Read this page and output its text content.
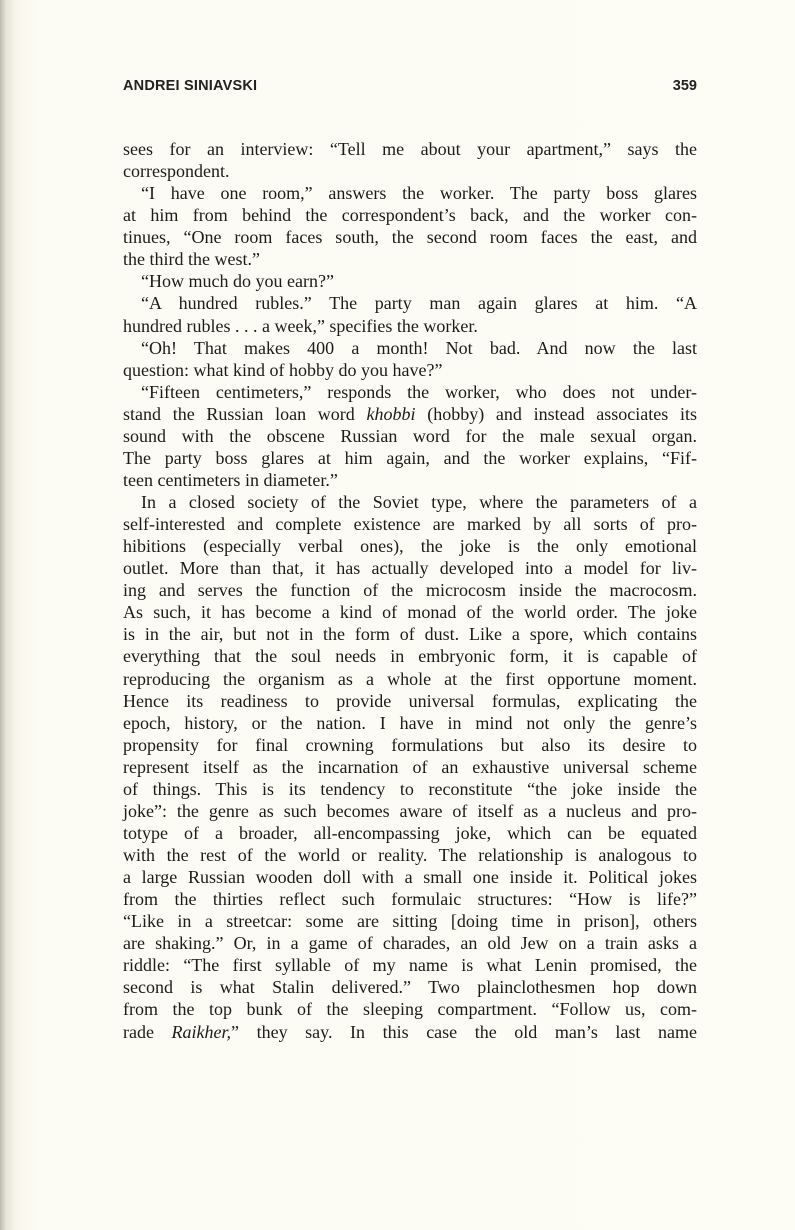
ANDREI SINIAVSKI	359
sees for an interview: “Tell me about your apartment,” says the
correspondent.
“I have one room,” answers the worker. The party boss glares
at him from behind the correspondent’s back, and the worker con-
tinues, “One room faces south, the second room faces the east, and
the third the west.”
“How much do you earn?”
“A hundred rubles.” The party man again glares at him. “A
hundred rubles . . . a week,” specifies the worker.
“Oh! That makes 400 a month! Not bad. And now the last
question: what kind of hobby do you have?”
“Fifteen centimeters,” responds the worker, who does not under-
stand the Russian loan word khobbi (hobby) and instead associates its
sound with the obscene Russian word for the male sexual organ.
The party boss glares at him again, and the worker explains, “Fif-
teen centimeters in diameter.”
In a closed society of the Soviet type, where the parameters of a
self-interested and complete existence are marked by all sorts of pro-
hibitions (especially verbal ones), the joke is the only emotional
outlet. More than that, it has actually developed into a model for liv-
ing and serves the function of the microcosm inside the macrocosm.
As such, it has become a kind of monad of the world order. The joke
is in the air, but not in the form of dust. Like a spore, which contains
everything that the soul needs in embryonic form, it is capable of
reproducing the organism as a whole at the first opportune moment.
Hence its readiness to provide universal formulas, explicating the
epoch, history, or the nation. I have in mind not only the genre’s
propensity for final crowning formulations but also its desire to
represent itself as the incarnation of an exhaustive universal scheme
of things. This is its tendency to reconstitute “the joke inside the
joke”: the genre as such becomes aware of itself as a nucleus and pro-
totype of a broader, all-encompassing joke, which can be equated
with the rest of the world or reality. The relationship is analogous to
a large Russian wooden doll with a small one inside it. Political jokes
from the thirties reflect such formulaic structures: “How is life?”
“Like in a streetcar: some are sitting [doing time in prison], others
are shaking.” Or, in a game of charades, an old Jew on a train asks a
riddle: “The first syllable of my name is what Lenin promised, the
second is what Stalin delivered.” Two plainclothesmen hop down
from the top bunk of the sleeping compartment. “Follow us, com-
rade Raikher,” they say. In this case the old man’s last name
